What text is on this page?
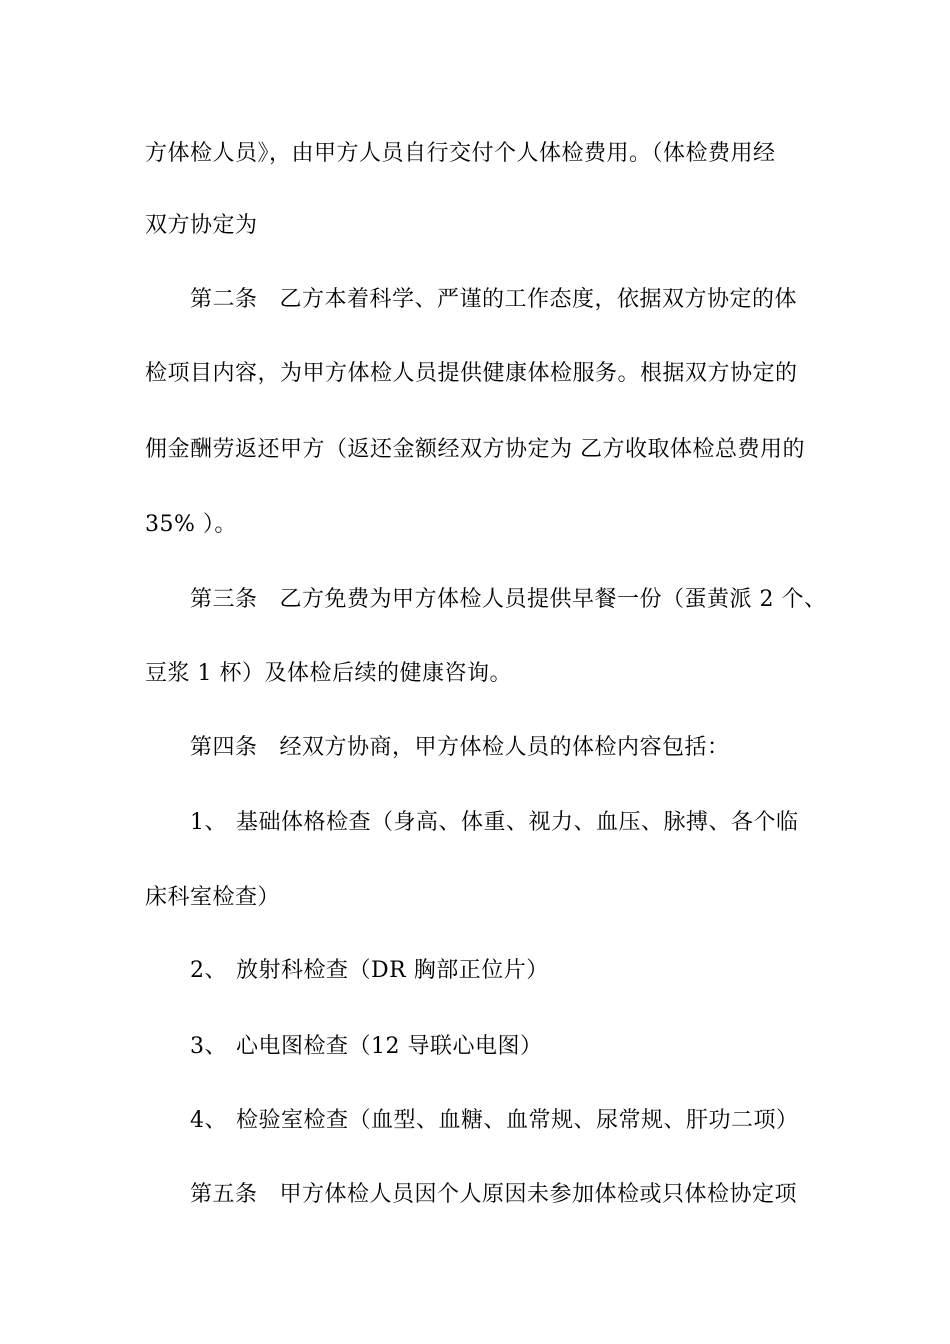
方体检人员》，由甲方人员自行交付个人体检费用。（体检费用经
双方协定为
第二条 乙方本着科学、严谨的工作态度，依据双方协定的体
检项目内容，为甲方体检人员提供健康体检服务。根据双方协定的
佣金酬劳返还甲方（返还金额经双方协定为 乙方收取体检总费用的
35% ）。
第三条 乙方免费为甲方体检人员提供早餐一份（蛋黄派 2 个、
豆浆 1 杯）及体检后续的健康咨询。
第四条 经双方协商，甲方体检人员的体检内容包括：
1、 基础体格检查（身高、体重、视力、血压、脉搏、各个临
床科室检查）
2、 放射科检查（DR 胸部正位片）
3、 心电图检查（12 导联心电图）
4、 检验室检查（血型、血糖、血常规、尿常规、肝功二项）
第五条 甲方体检人员因个人原因未参加体检或只体检协定项
